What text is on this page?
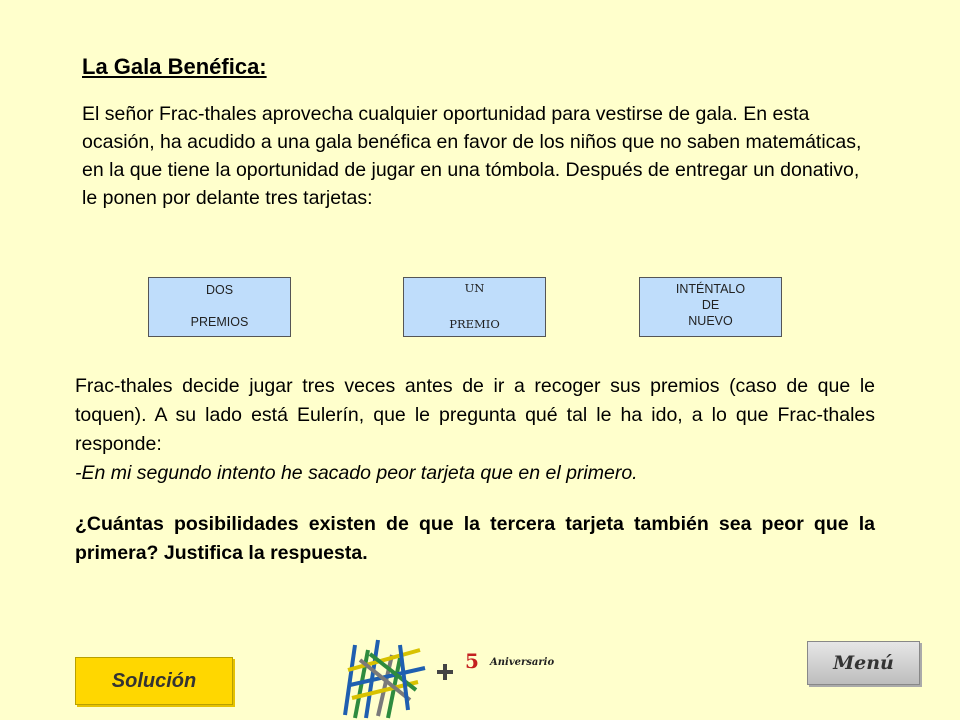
La Gala Benéfica:
El señor Frac-thales aprovecha cualquier oportunidad para vestirse de gala. En esta ocasión, ha acudido a una gala benéfica en favor de los niños que no saben matemáticas, en la que tiene la oportunidad de jugar en una tómbola. Después de entregar un donativo, le ponen por delante tres tarjetas:
DOS
PREMIOS
UN
PREMIO
INTÉNTALO
DE
NUEVO

Frac-thales decide jugar tres veces antes de ir a recoger sus premios (caso de que le toquen). A su lado está Eulerín, que le pregunta qué tal le ha ido, a lo que Frac-thales responde:

-En mi segundo intento he sacado peor tarjeta que en el primero.

¿Cuántas posibilidades existen de que la tercera tarjeta también sea peor que la primera? Justifica la respuesta.
Solución
Menú
5 Aniversario
